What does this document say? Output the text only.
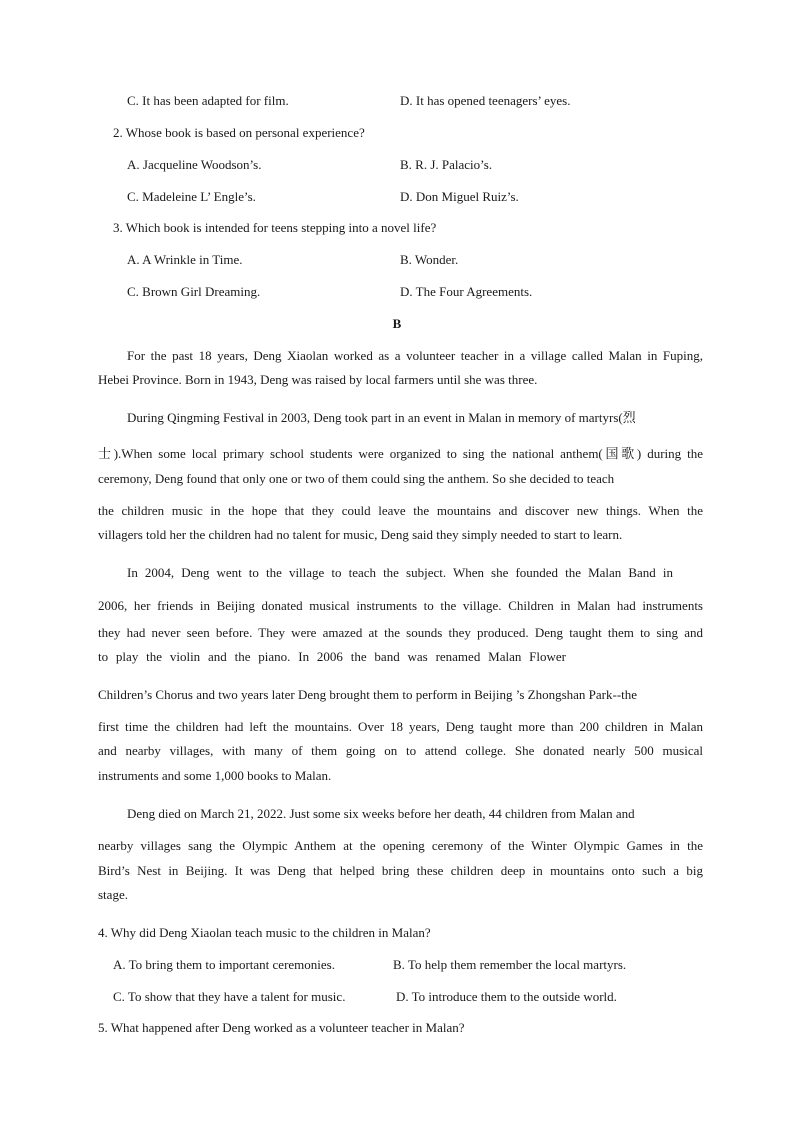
C. It has been adapted for film.	D. It has opened teenagers’ eyes.
2. Whose book is based on personal experience?
A. Jacqueline Woodson’s.	B. R. J. Palacio’s.
C. Madeleine L’ Engle’s.	D. Don Miguel Ruiz’s.
3. Which book is intended for teens stepping into a novel life?
A. A Wrinkle in Time.	B. Wonder.
C. Brown Girl Dreaming.	D. The Four Agreements.
B
For the past 18 years, Deng Xiaolan worked as a volunteer teacher in a village called Malan in Fuping,
Hebei Province. Born in 1943, Deng was raised by local farmers until she was three.
During Qingming Festival in 2003, Deng took part in an event in Malan in memory of martyrs(烈
士).When some local primary school students were organized to sing the national anthem(国歌) during the
ceremony, Deng found that only one or two of them could sing the anthem. So she decided to teach
the children music in the hope that they could leave the mountains and discover new things. When the
villagers told her the children had no talent for music, Deng said they simply needed to start to learn.
In 2004, Deng went to the village to teach the subject. When she founded the Malan Band in
2006, her friends in Beijing donated musical instruments to the village. Children in Malan had instruments
they had never seen before. They were amazed at the sounds they produced. Deng taught them to sing and
to play the violin and the piano. In 2006 the band was renamed Malan Flower
Children’s Chorus and two years later Deng brought them to perform in Beijing ’s Zhongshan Park--the
first time the children had left the mountains. Over 18 years, Deng taught more than 200 children in Malan
and nearby villages, with many of them going on to attend college. She donated nearly 500 musical
instruments and some 1,000 books to Malan.
Deng died on March 21, 2022. Just some six weeks before her death, 44 children from Malan and
nearby villages sang the Olympic Anthem at the opening ceremony of the Winter Olympic Games in the
Bird’s Nest in Beijing. It was Deng that helped bring these children deep in mountains onto such a big
stage.
4. Why did Deng Xiaolan teach music to the children in Malan?
A. To bring them to important ceremonies.	B. To help them remember the local martyrs.
C. To show that they have a talent for music.	D. To introduce them to the outside world.
5. What happened after Deng worked as a volunteer teacher in Malan?
